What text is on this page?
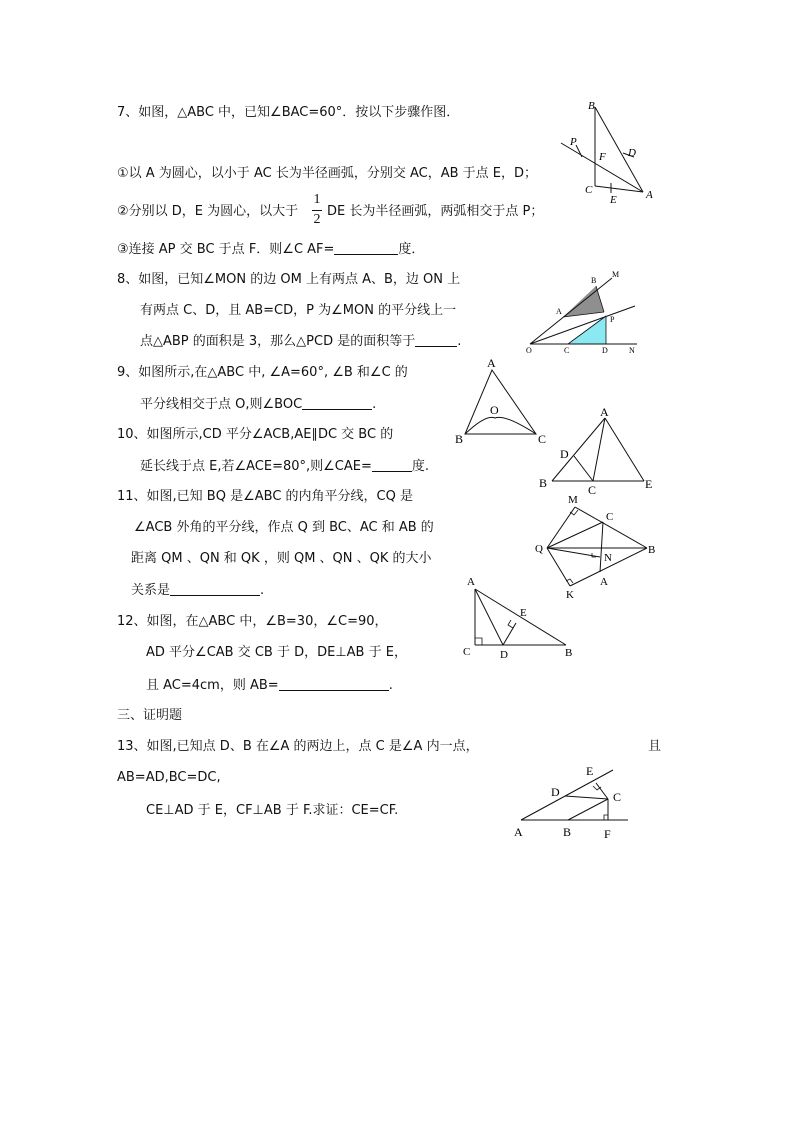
7、如图，△ABC 中，已知∠BAC=60°．按以下步骤作图．
①以 A 为圆心，以小于 AC 长为半径画弧，分别交 AC，AB 于点 E，D；
②分别以 D，E 为圆心，以大于
1
2
DE 长为半径画弧，两弧相交于点 P；
③连接 AP 交 BC 于点 F．则∠C AF=	度．
B
P
F D
C
E	A
8、如图，已知∠MON 的边 OM 上有两点 A、B，边 ON 上
有两点 C、D，且 AB=CD，P 为∠MON 的平分线上一
点△ABP 的面积是 3，那么△PCD 是的面积等于	.
M
B
A
P
O	C	D	N
9、如图所示,在△ABC 中, ∠A=60°, ∠B 和∠C 的
平分线相交于点 O,则∠BOC	.
A
O
B	C
10、如图所示,CD 平分∠ACB,AE∥DC 交 BC 的
延长线于点 E,若∠ACE=80°,则∠CAE=	度.
A
D
B	C	E
11、如图,已知 BQ 是∠ABC 的内角平分线，CQ 是
∠ACB 外角的平分线，作点 Q 到 BC、AC 和 AB 的
距离 QM 、QN 和 QK ，则 QM 、QN 、QK 的大小
关系是	.
M
C
Q
N
B
K
A
12、如图，在△ABC 中，∠B=30，∠C=90，
AD 平分∠CAB 交 CB 于 D，DE⊥AB 于 E，
且 AC=4cm，则 AB=	.
A
E
C	D	B
三、证明题
13、如图,已知点 D、B 在∠A 的两边上，点 C 是∠A 内一点，	且
AB=AD,BC=DC,
CE⊥AD 于 E，CF⊥AB 于 F.求证：CE=CF.
E
D	C
A	B	F
